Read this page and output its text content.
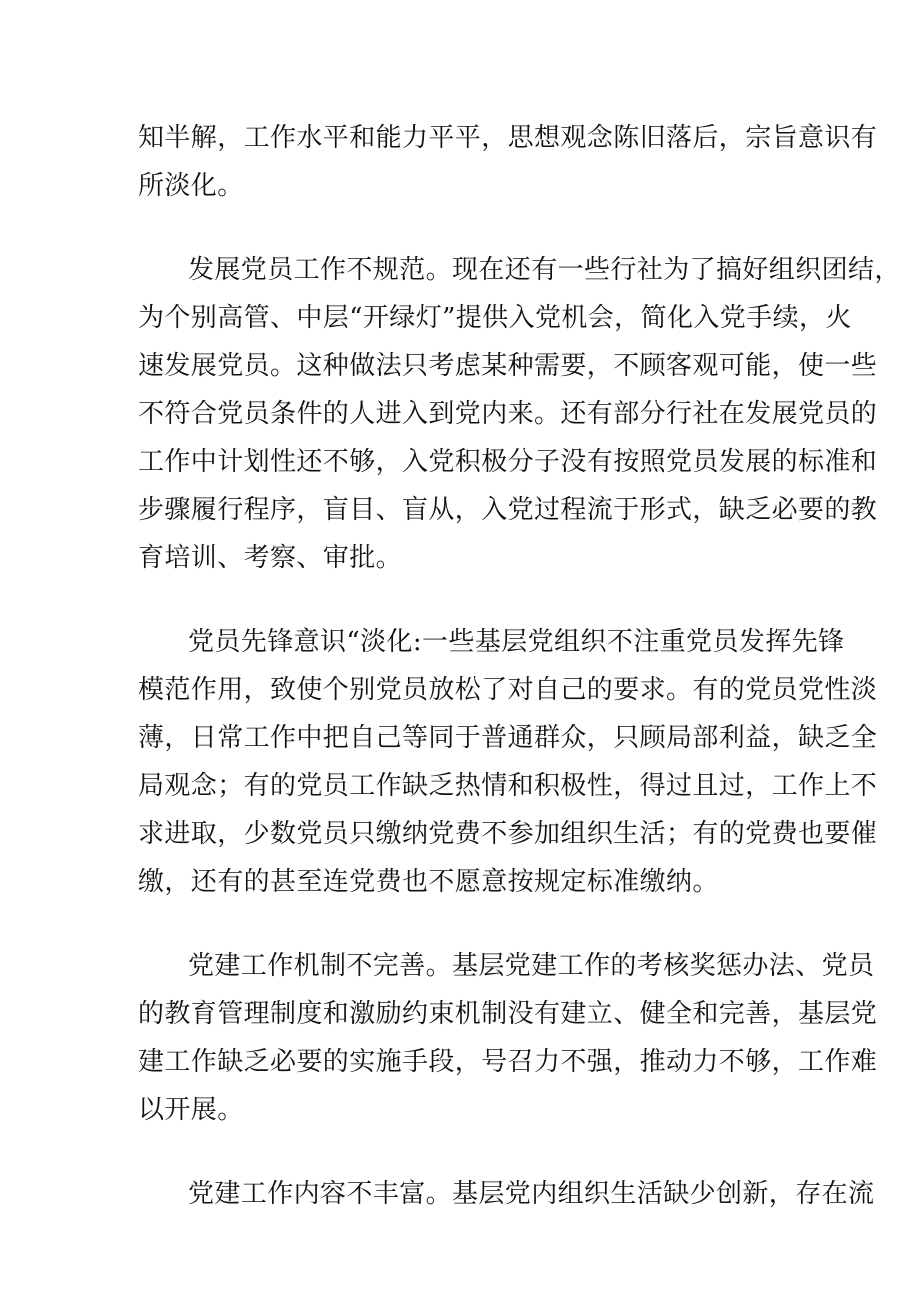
知半解，工作水平和能力平平，思想观念陈旧落后，宗旨意识有
所淡化。
发展党员工作不规范。现在还有一些行社为了搞好组织团结，
为个别高管、中层“开绿灯”提供入党机会，简化入党手续，火
速发展党员。这种做法只考虑某种需要，不顾客观可能，使一些
不符合党员条件的人进入到党内来。还有部分行社在发展党员的
工作中计划性还不够，入党积极分子没有按照党员发展的标准和
步骤履行程序，盲目、盲从，入党过程流于形式，缺乏必要的教
育培训、考察、审批。
党员先锋意识“淡化:一些基层党组织不注重党员发挥先锋
模范作用，致使个别党员放松了对自己的要求。有的党员党性淡
薄，日常工作中把自己等同于普通群众，只顾局部利益，缺乏全
局观念；有的党员工作缺乏热情和积极性，得过且过，工作上不
求进取，少数党员只缴纳党费不参加组织生活；有的党费也要催
缴，还有的甚至连党费也不愿意按规定标准缴纳。
党建工作机制不完善。基层党建工作的考核奖惩办法、党员
的教育管理制度和激励约束机制没有建立、健全和完善，基层党
建工作缺乏必要的实施手段，号召力不强，推动力不够，工作难
以开展。
党建工作内容不丰富。基层党内组织生活缺少创新，存在流
